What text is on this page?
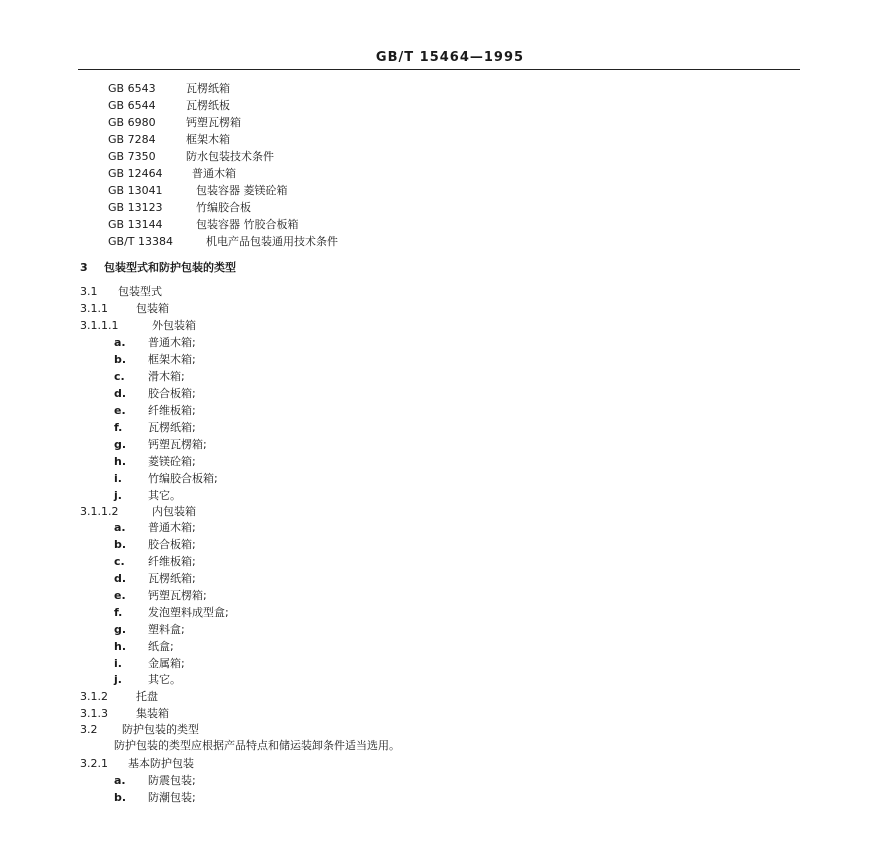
GB/T 15464—1995
GB 6543	瓦楞纸箱
GB 6544	瓦楞纸板
GB 6980	钙塑瓦楞箱
GB 7284	框架木箱
GB 7350	防水包装技术条件
GB 12464	普通木箱
GB 13041	包装容器 菱镁砼箱
GB 13123	竹编胶合板
GB 13144	包装容器 竹胶合板箱
GB/T 13384	机电产品包装通用技术条件
3 包装型式和防护包装的类型
3.1 包装型式
3.1.1	包装箱
3.1.1.1	外包装箱
a. 普通木箱;
b. 框架木箱;
c. 滑木箱;
d. 胶合板箱;
e. 纤维板箱;
f. 瓦楞纸箱;
g. 钙塑瓦楞箱;
h. 菱镁砼箱;
i. 竹编胶合板箱;
j. 其它。
3.1.1.2	内包装箱
a. 普通木箱;
b. 胶合板箱;
c. 纤维板箱;
d. 瓦楞纸箱;
e. 钙塑瓦楞箱;
f. 发泡塑料成型盒;
g. 塑料盒;
h. 纸盒;
i. 金属箱;
j. 其它。
3.1.2	托盘
3.1.3	集装箱
3.2 防护包装的类型
防护包装的类型应根据产品特点和储运装卸条件适当选用。
3.2.1 基本防护包装
a. 防震包装;
b. 防潮包装;
